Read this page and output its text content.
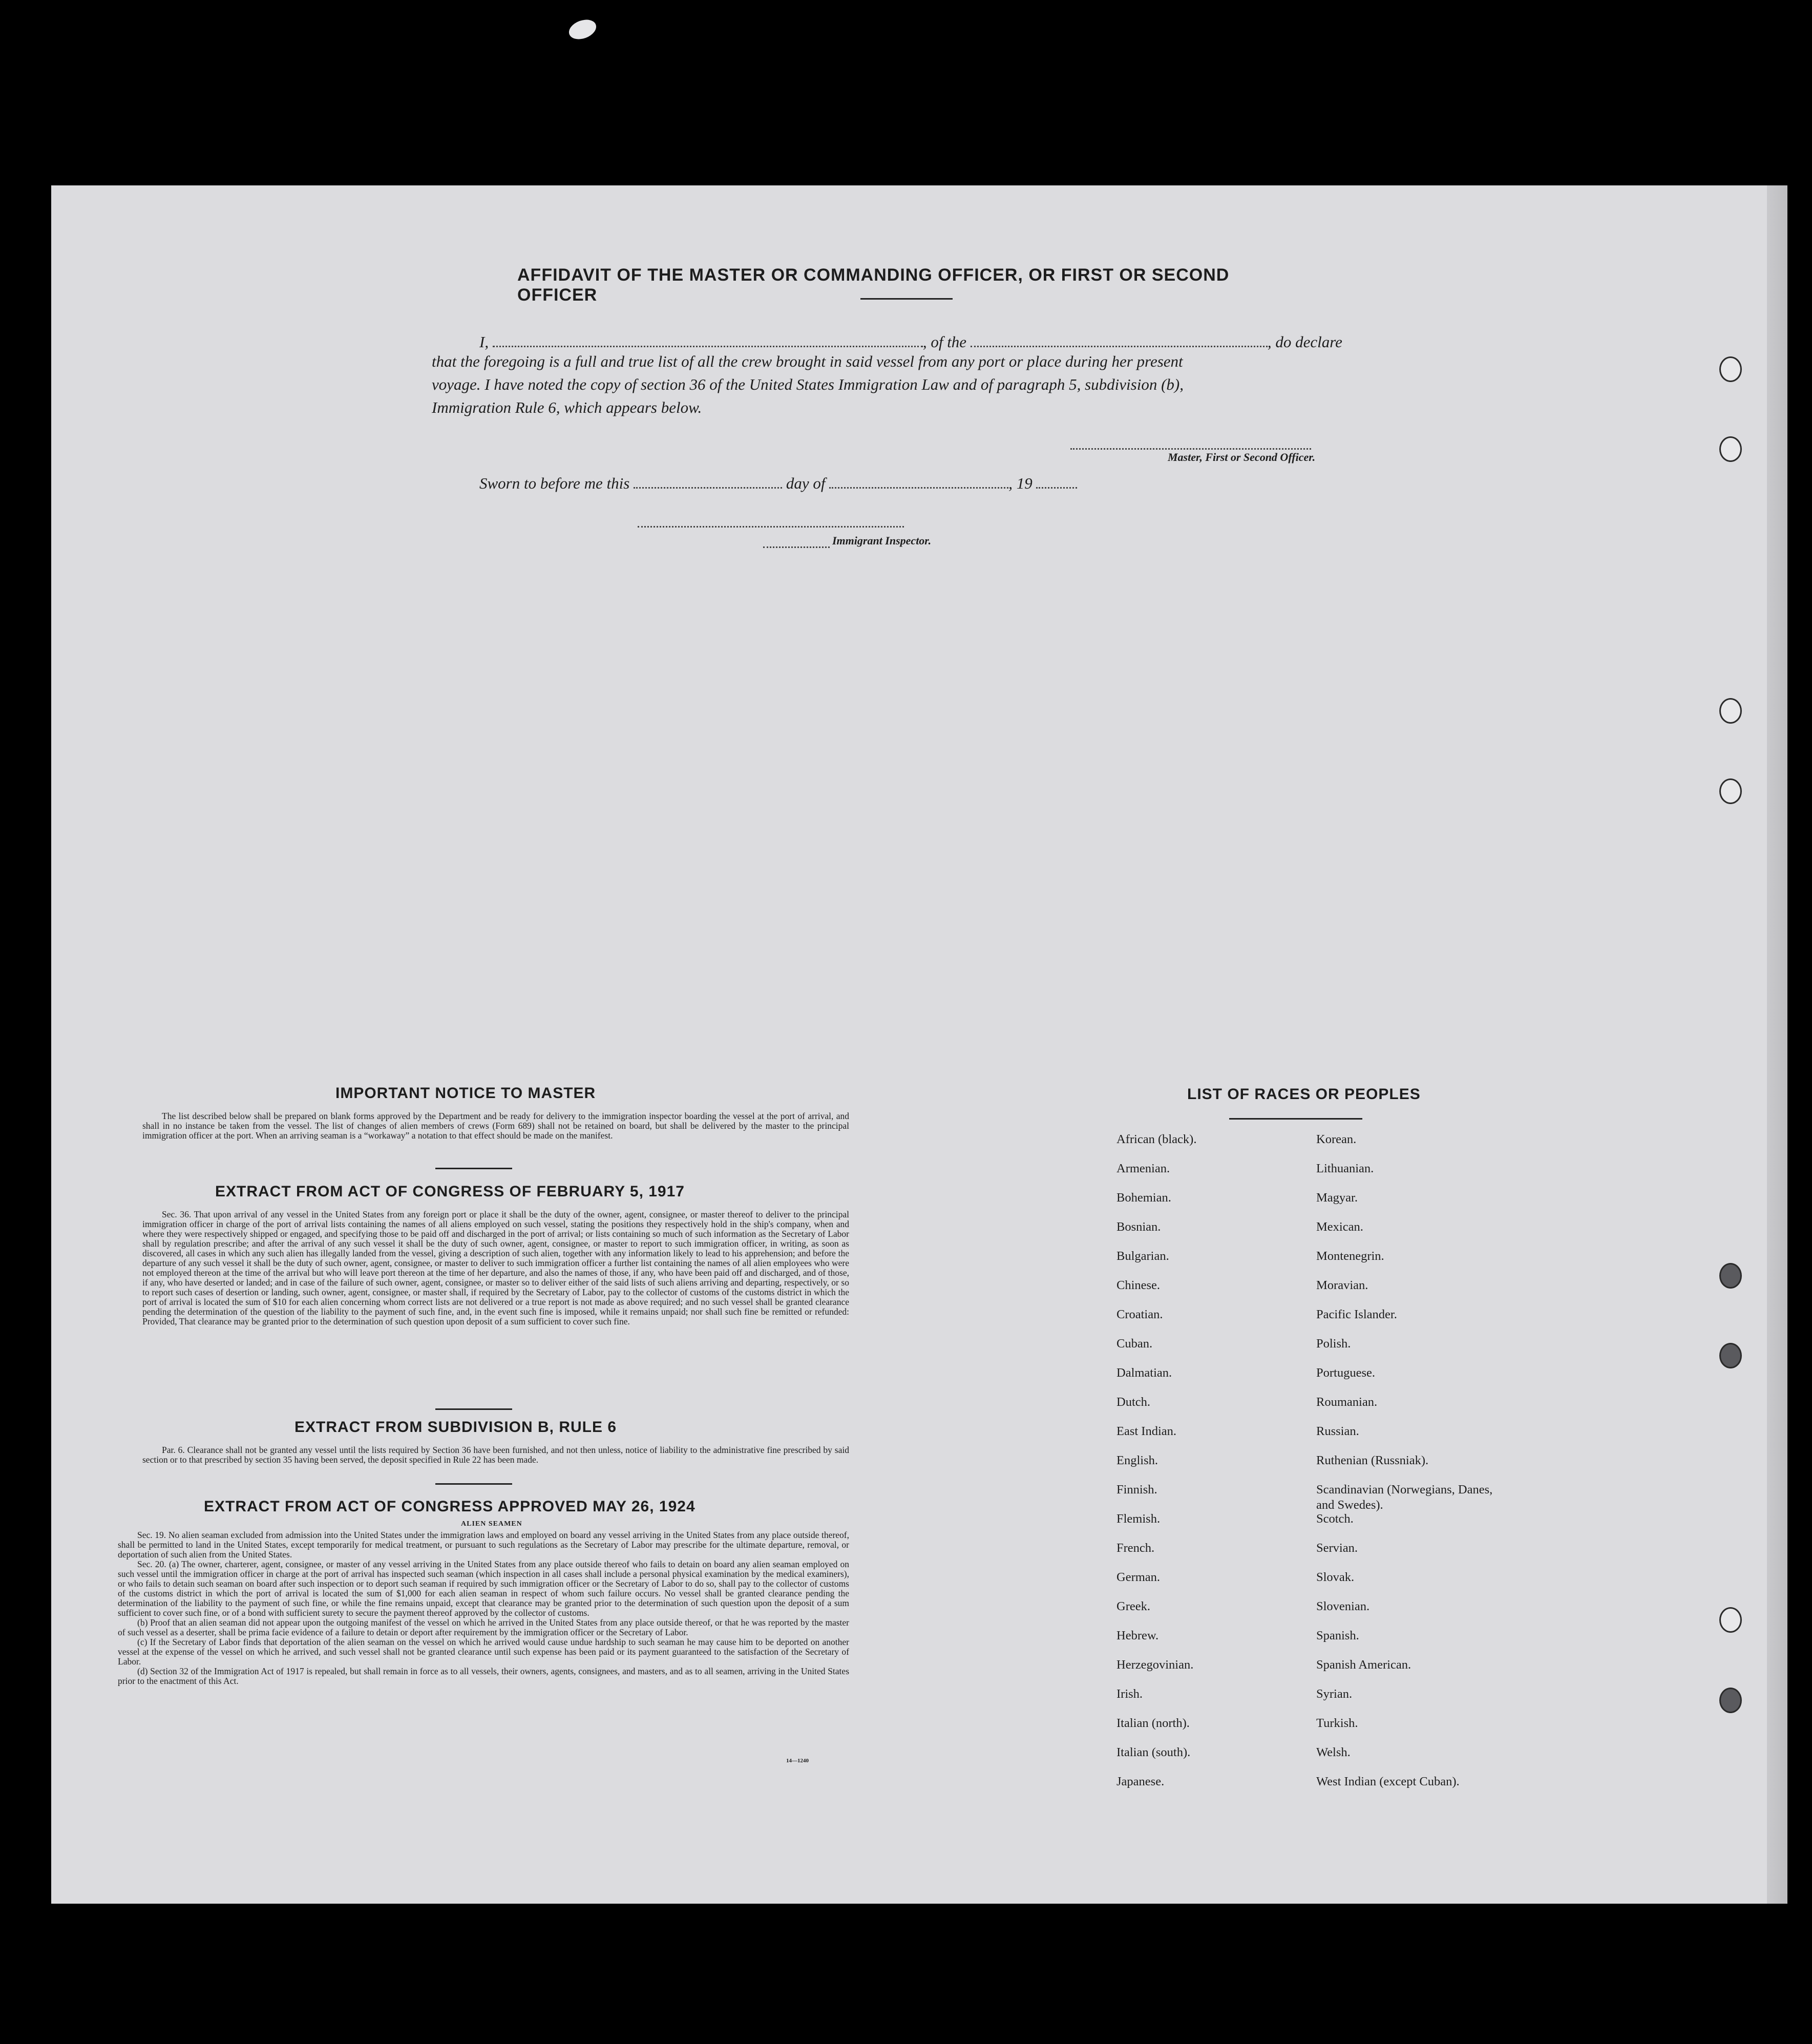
AFFIDAVIT OF THE MASTER OR COMMANDING OFFICER, OR FIRST OR SECOND OFFICER
I,	, of the	, do declare
that the foregoing is a full and true list of all the crew brought in said vessel from any port or place during her present
voyage. I have noted the copy of section 36 of the United States Immigration Law and of paragraph 5, subdivision (b),
Immigration Rule 6, which appears below.
Master, First or Second Officer.
Sworn to before me this	day of	, 19
Immigrant Inspector.
IMPORTANT NOTICE TO MASTER

The list described below shall be prepared on blank forms approved by the Department and be ready for delivery to the immigration inspector boarding the vessel at the port of arrival, and shall in no instance be taken from the vessel. The list of changes of alien members of crews (Form 689) shall not be retained on board, but shall be delivered by the master to the principal immigration officer at the port. When an arriving seaman is a “workaway” a notation to that effect should be made on the manifest.

EXTRACT FROM ACT OF CONGRESS OF FEBRUARY 5, 1917

Sec. 36. That upon arrival of any vessel in the United States from any foreign port or place it shall be the duty of the owner, agent, consignee, or master thereof to deliver to the principal immigration officer in charge of the port of arrival lists containing the names of all aliens employed on such vessel, stating the positions they respectively hold in the ship's company, when and where they were respectively shipped or engaged, and specifying those to be paid off and discharged in the port of arrival; or lists containing so much of such information as the Secretary of Labor shall by regulation prescribe; and after the arrival of any such vessel it shall be the duty of such owner, agent, consignee, or master to report to such immigration officer, in writing, as soon as discovered, all cases in which any such alien has illegally landed from the vessel, giving a description of such alien, together with any information likely to lead to his apprehension; and before the departure of any such vessel it shall be the duty of such owner, agent, consignee, or master to deliver to such immigration officer a further list containing the names of all alien employees who were not employed thereon at the time of the arrival but who will leave port thereon at the time of her departure, and also the names of those, if any, who have been paid off and discharged, and of those, if any, who have deserted or landed; and in case of the failure of such owner, agent, consignee, or master so to deliver either of the said lists of such aliens arriving and departing, respectively, or so to report such cases of desertion or landing, such owner, agent, consignee, or master shall, if required by the Secretary of Labor, pay to the collector of customs of the customs district in which the port of arrival is located the sum of $10 for each alien concerning whom correct lists are not delivered or a true report is not made as above required; and no such vessel shall be granted clearance pending the determination of the question of the liability to the payment of such fine, and, in the event such fine is imposed, while it remains unpaid; nor shall such fine be remitted or refunded: Provided, That clearance may be granted prior to the determination of such question upon deposit of a sum sufficient to cover such fine.

EXTRACT FROM SUBDIVISION B, RULE 6

Par. 6. Clearance shall not be granted any vessel until the lists required by Section 36 have been furnished, and not then unless, notice of liability to the administrative fine prescribed by said section or to that prescribed by section 35 having been served, the deposit specified in Rule 22 has been made.

EXTRACT FROM ACT OF CONGRESS APPROVED MAY 26, 1924
ALIEN SEAMEN

Sec. 19. No alien seaman excluded from admission into the United States under the immigration laws and employed on board any vessel arriving in the United States from any place outside thereof, shall be permitted to land in the United States, except temporarily for medical treatment, or pursuant to such regulations as the Secretary of Labor may prescribe for the ultimate departure, removal, or deportation of such alien from the United States.

Sec. 20. (a) The owner, charterer, agent, consignee, or master of any vessel arriving in the United States from any place outside thereof who fails to detain on board any alien seaman employed on such vessel until the immigration officer in charge at the port of arrival has inspected such seaman (which inspection in all cases shall include a personal physical examination by the medical examiners), or who fails to detain such seaman on board after such inspection or to deport such seaman if required by such immigration officer or the Secretary of Labor to do so, shall pay to the collector of customs of the customs district in which the port of arrival is located the sum of $1,000 for each alien seaman in respect of whom such failure occurs. No vessel shall be granted clearance pending the determination of the liability to the payment of such fine, or while the fine remains unpaid, except that clearance may be granted prior to the determination of such question upon the deposit of a sum sufficient to cover such fine, or of a bond with sufficient surety to secure the payment thereof approved by the collector of customs.

(b) Proof that an alien seaman did not appear upon the outgoing manifest of the vessel on which he arrived in the United States from any place outside thereof, or that he was reported by the master of such vessel as a deserter, shall be prima facie evidence of a failure to detain or deport after requirement by the immigration officer or the Secretary of Labor.

(c) If the Secretary of Labor finds that deportation of the alien seaman on the vessel on which he arrived would cause undue hardship to such seaman he may cause him to be deported on another vessel at the expense of the vessel on which he arrived, and such vessel shall not be granted clearance until such expense has been paid or its payment guaranteed to the satisfaction of the Secretary of Labor.

(d) Section 32 of the Immigration Act of 1917 is repealed, but shall remain in force as to all vessels, their owners, agents, consignees, and masters, and as to all seamen, arriving in the United States prior to the enactment of this Act.

14—1240
LIST OF RACES OR PEOPLES
African (black).	Korean.
Armenian.	Lithuanian.
Bohemian.	Magyar.
Bosnian.	Mexican.
Bulgarian.	Montenegrin.
Chinese.	Moravian.
Croatian.	Pacific Islander.
Cuban.	Polish.
Dalmatian.	Portuguese.
Dutch.	Roumanian.
East Indian.	Russian.
English.	Ruthenian (Russniak).
Finnish.	Scandinavian (Norwegians, Danes, and Swedes).
Flemish.	Scotch.
French.	Servian.
German.	Slovak.
Greek.	Slovenian.
Hebrew.	Spanish.
Herzegovinian.	Spanish American.
Irish.	Syrian.
Italian (north).	Turkish.
Italian (south).	Welsh.
Japanese.	West Indian (except Cuban).
